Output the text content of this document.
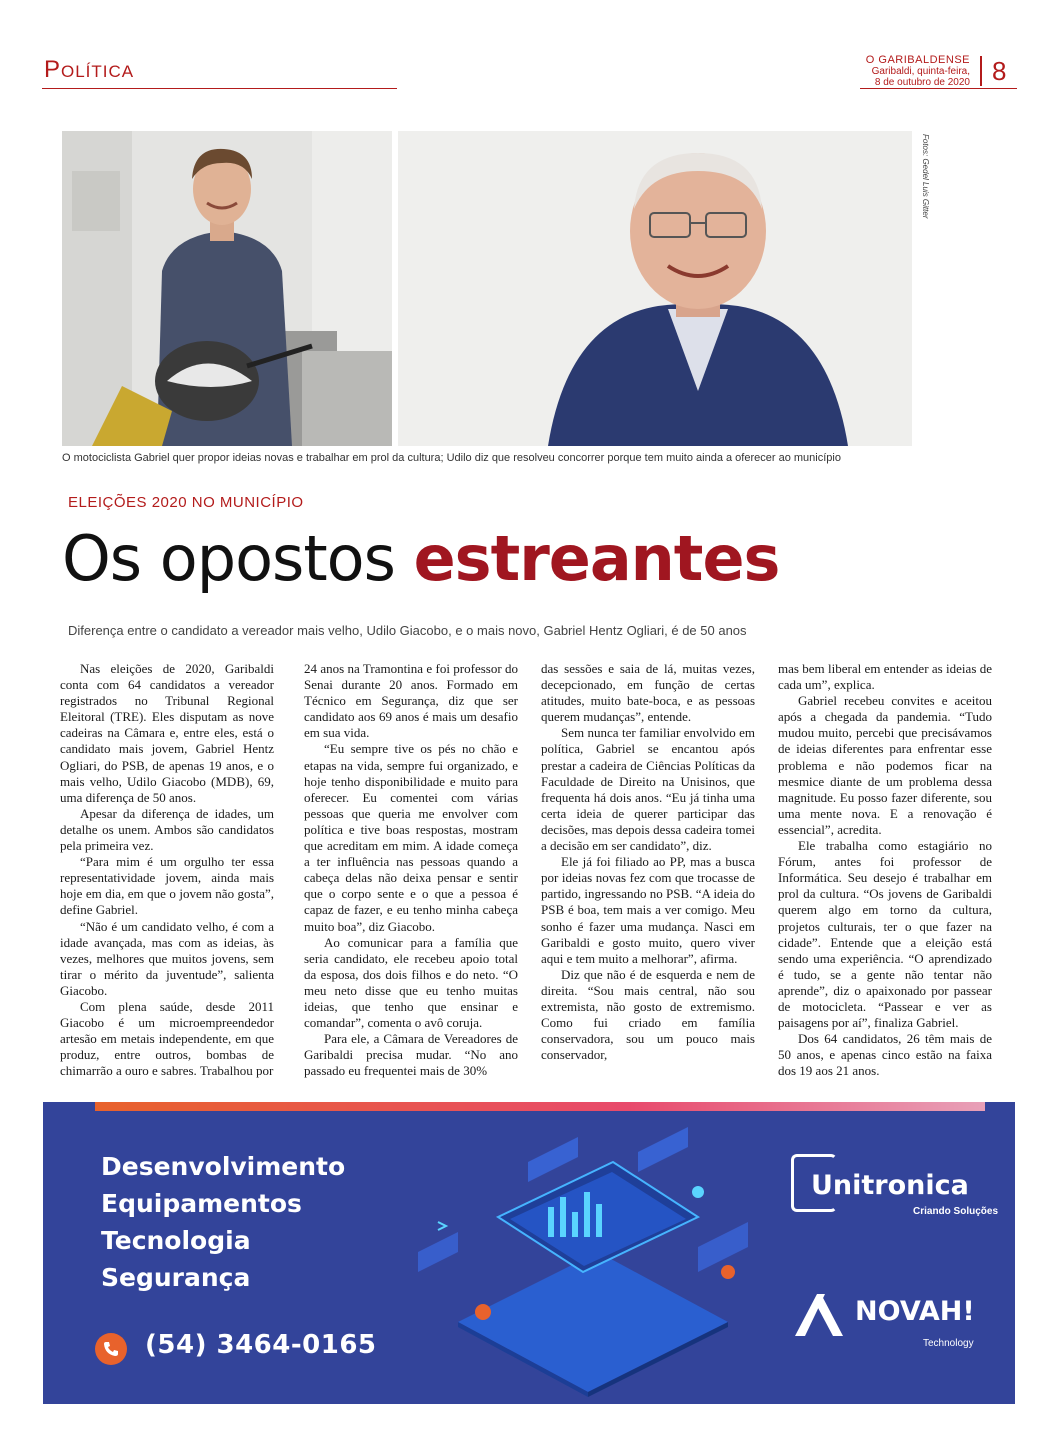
Política	O GARIBALDENSE
Garibaldi, quinta-feira,
8 de outubro de 2020 8
Fotos: Gedel Luis Gitter
O motociclista Gabriel quer propor ideias novas e trabalhar em prol da cultura; Udilo diz que resolveu concorrer porque tem muito ainda a oferecer ao município
ELEIÇÕES 2020 NO MUNICÍPIO
Os opostos estreantes
Diferença entre o candidato a vereador mais velho, Udilo Giacobo, e o mais novo, Gabriel Hentz Ogliari, é de 50 anos

Nas eleições de 2020, Garibaldi conta com 64 candidatos a vereador registrados no Tribunal Regional Eleitoral (TRE). Eles disputam as nove cadeiras na Câmara e, entre eles, está o candidato mais jovem, Gabriel Hentz Ogliari, do PSB, de apenas 19 anos, e o mais velho, Udilo Giacobo (MDB), 69, uma diferença de 50 anos.

Apesar da diferença de idades, um detalhe os unem. Ambos são candidatos pela primeira vez.

“Para mim é um orgulho ter essa representatividade jovem, ainda mais hoje em dia, em que o jovem não gosta”, define Gabriel.

“Não é um candidato velho, é com a idade avançada, mas com as ideias, às vezes, melhores que muitos jovens, sem tirar o mérito da juventude”, salienta Giacobo.

Com plena saúde, desde 2011 Giacobo é um microempreendedor artesão em metais independente, em que produz, entre outros, bombas de chimarrão a ouro e sabres. Trabalhou por

24 anos na Tramontina e foi professor do Senai durante 20 anos. Formado em Técnico em Segurança, diz que ser candidato aos 69 anos é mais um desafio em sua vida.

“Eu sempre tive os pés no chão e etapas na vida, sempre fui organizado, e hoje tenho disponibilidade e muito para oferecer. Eu comentei com várias pessoas que queria me envolver com política e tive boas respostas, mostram que acreditam em mim. A idade começa a ter influência nas pessoas quando a cabeça delas não deixa pensar e sentir que o corpo sente e o que a pessoa é capaz de fazer, e eu tenho minha cabeça muito boa”, diz Giacobo.

Ao comunicar para a família que seria candidato, ele recebeu apoio total da esposa, dos dois filhos e do neto. “O meu neto disse que eu tenho muitas ideias, que tenho que ensinar e comandar”, comenta o avô coruja.

Para ele, a Câmara de Vereadores de Garibaldi precisa mudar. “No ano passado eu frequentei mais de 30%

das sessões e saia de lá, muitas vezes, decepcionado, em função de certas atitudes, muito bate-boca, e as pessoas querem mudanças”, entende.

Sem nunca ter familiar envolvido em política, Gabriel se encantou após prestar a cadeira de Ciências Políticas da Faculdade de Direito na Unisinos, que frequenta há dois anos. “Eu já tinha uma certa ideia de querer participar das decisões, mas depois dessa cadeira tomei a decisão em ser candidato”, diz.

Ele já foi filiado ao PP, mas a busca por ideias novas fez com que trocasse de partido, ingressando no PSB. “A ideia do PSB é boa, tem mais a ver comigo. Meu sonho é fazer uma mudança. Nasci em Garibaldi e gosto muito, quero viver aqui e tem muito a melhorar”, afirma.

Diz que não é de esquerda e nem de direita. “Sou mais central, não sou extremista, não gosto de extremismo. Como fui criado em família conservadora, sou um pouco mais conservador,

mas bem liberal em entender as ideias de cada um”, explica.

Gabriel recebeu convites e aceitou após a chegada da pandemia. “Tudo mudou muito, percebi que precisávamos de ideias diferentes para enfrentar esse problema e não podemos ficar na mesmice diante de um problema dessa magnitude. Eu posso fazer diferente, sou uma mente nova. E a renovação é essencial”, acredita.

Ele trabalha como estagiário no Fórum, antes foi professor de Informática. Seu desejo é trabalhar em prol da cultura. “Os jovens de Garibaldi querem algo em torno da cultura, projetos culturais, ter o que fazer na cidade”. Entende que a eleição está sendo uma experiência. “O aprendizado é tudo, se a gente não tentar não aprende”, diz o apaixonado por passear de motocicleta. “Passear e ver as paisagens por aí”, finaliza Gabriel.

Dos 64 candidatos, 26 têm mais de 50 anos, e apenas cinco estão na faixa dos 19 aos 21 anos.

Desenvolvimento
Equipamentos
Tecnologia
Segurança
(54) 3464-0165
Unitronica
Criando Soluções
NOVAH!
Technology
